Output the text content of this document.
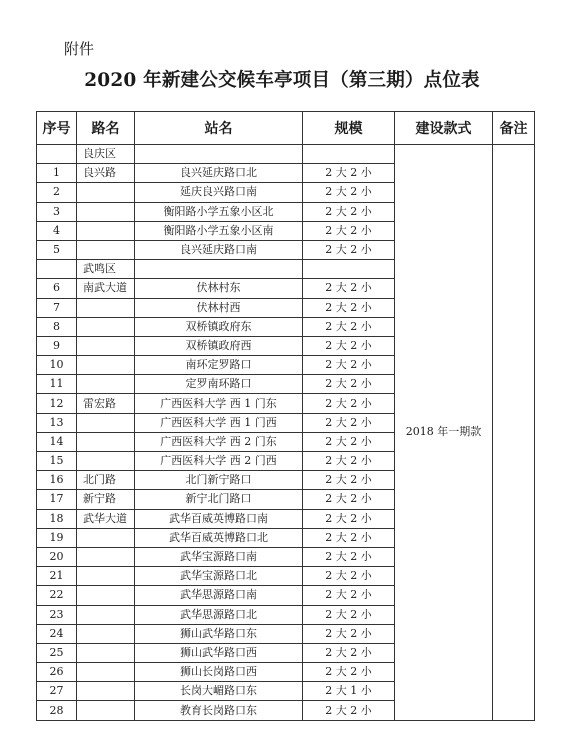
附件
2020 年新建公交候车亭项目（第三期）点位表
序号	路名	站名	规模	建设款式	备注
	良庆区			2018 年一期款	
1	良兴路	良兴延庆路口北	2 大 2 小		
2		延庆良兴路口南	2 大 2 小		
3		衡阳路小学五象小区北	2 大 2 小		
4		衡阳路小学五象小区南	2 大 2 小		
5		良兴延庆路口南	2 大 2 小		
	武鸣区				
6	南武大道	伏林村东	2 大 2 小		
7		伏林村西	2 大 2 小		
8		双桥镇政府东	2 大 2 小		
9		双桥镇政府西	2 大 2 小		
10		南环定罗路口	2 大 2 小		
11		定罗南环路口	2 大 2 小		
12	雷宏路	广西医科大学 西 1 门东	2 大 2 小		
13		广西医科大学 西 1 门西	2 大 2 小		
14		广西医科大学 西 2 门东	2 大 2 小		
15		广西医科大学 西 2 门西	2 大 2 小		
16	北门路	北门新宁路口	2 大 2 小		
17	新宁路	新宁北门路口	2 大 2 小		
18	武华大道	武华百威英博路口南	2 大 2 小		
19		武华百威英博路口北	2 大 2 小		
20		武华宝源路口南	2 大 2 小		
21		武华宝源路口北	2 大 2 小		
22		武华思源路口南	2 大 2 小		
23		武华思源路口北	2 大 2 小		
24		狮山武华路口东	2 大 2 小		
25		狮山武华路口西	2 大 2 小		
26		狮山长岗路口西	2 大 2 小		
27		长岗大嵋路口东	2 大 1 小		
28		教育长岗路口东	2 大 2 小		
